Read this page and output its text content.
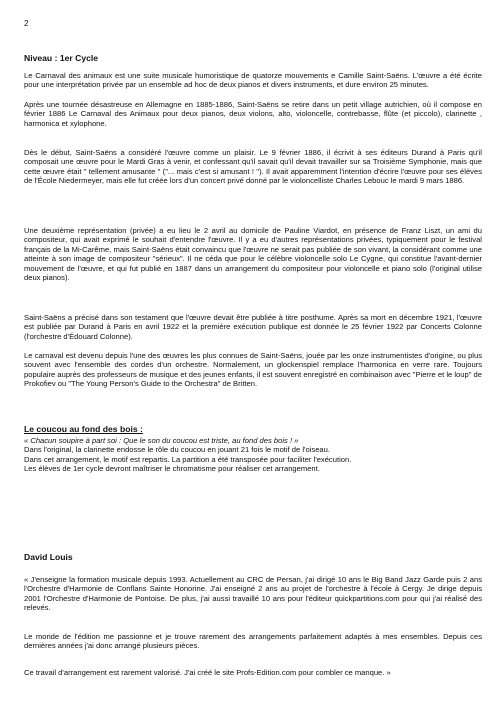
2
Niveau : 1er Cycle

Le Carnaval des animaux est une suite musicale humoristique de quatorze mouvements e Camille Saint-Saëns. L'œuvre a été écrite pour une interprétation privée par un ensemble ad hoc de deux pianos et divers instruments, et dure environ 25 minutes.

Après une tournée désastreuse en Allemagne en 1885-1886, Saint-Saëns se retire dans un petit village autrichien, où il compose en février 1886 Le Carnaval des Animaux pour deux pianos, deux violons, alto, violoncelle, contrebasse, flûte (et piccolo), clarinette , harmonica et xylophone.

Dès le début, Saint-Saëns a considéré l'œuvre comme un plaisir. Le 9 février 1886, il écrivit à ses éditeurs Durand à Paris qu'il composait une œuvre pour le Mardi Gras à venir, et confessant qu'il savait qu'il devait travailler sur sa Troisième Symphonie, mais que cette œuvre était " tellement amusante " ("... mais c'est si amusant ! "). Il avait apparemment l'intention d'écrire l'œuvre pour ses élèves de l'École Niedermeyer, mais elle fut créée lors d'un concert privé donné par le violoncelliste Charles Lebouc le mardi 9 mars 1886.

Une deuxième représentation (privée) a eu lieu le 2 avril au domicile de Pauline Viardot, en présence de Franz Liszt, un ami du compositeur, qui avait exprimé le souhait d'entendre l'œuvre. Il y a eu d'autres représentations privées, typiquement pour le festival français de la Mi-Carême, mais Saint-Saëns était convaincu que l'œuvre ne serait pas publiée de son vivant, la considérant comme une atteinte à son image de compositeur "sérieux". Il ne céda que pour le célèbre violoncelle solo Le Cygne, qui constitue l'avant-dernier mouvement de l'œuvre, et qui fut publié en 1887 dans un arrangement du compositeur pour violoncelle et piano solo (l'original utilise deux pianos).

Saint-Saëns a précisé dans son testament que l'œuvre devait être publiée à titre posthume. Après sa mort en décembre 1921, l'œuvre est publiée par Durand à Paris en avril 1922 et la première exécution publique est donnée le 25 février 1922 par Concerts Colonne (l'orchestre d'Édouard Colonne).

Le carnaval est devenu depuis l'une des œuvres les plus connues de Saint-Saëns, jouée par les onze instrumentistes d'origine, ou plus souvent avec l'ensemble des cordes d'un orchestre. Normalement, un glockenspiel remplace l'harmonica en verre rare. Toujours populaire auprès des professeurs de musique et des jeunes enfants, il est souvent enregistré en combinaison avec "Pierre et le loup" de Prokofiev ou "The Young Person's Guide to the Orchestra" de Britten.

Le coucou au fond des bois :
« Chacun soupire à part soi : Que le son du coucou est triste, au fond des bois ! »
Dans l'original, la clarinette endosse le rôle du coucou en jouant 21 fois le motif de l'oiseau.
Dans cet arrangement, le motif est repartis. La partition a été transposée pour faciliter l'exécution.
Les élèves de 1er cycle devront maîtriser le chromatisme pour réaliser cet arrangement.
David Louis

« J'enseigne la formation musicale depuis 1993. Actuellement au CRC de Persan, j'ai dirigé 10 ans le Big Band Jazz Garde puis 2 ans l'Orchestre d'Harmonie de Conflans Sainte Honorine. J'ai enseigné 2 ans au projet de l'orchestre à l'école à Cergy. Je dirige depuis 2001 l'Orchestre d'Harmonie de Pontoise. De plus, j'ai aussi travaillé 10 ans pour l'éditeur quickpartitions.com pour qui j'ai réalisé des relevés.

Le monde de l'édition me passionne et je trouve rarement des arrangements parfaitement adaptés à mes ensembles. Depuis ces dernières années j'ai donc arrangé plusieurs pièces.

Ce travail d'arrangement est rarement valorisé. J'ai créé le site Profs-Edition.com pour combler ce manque. »
